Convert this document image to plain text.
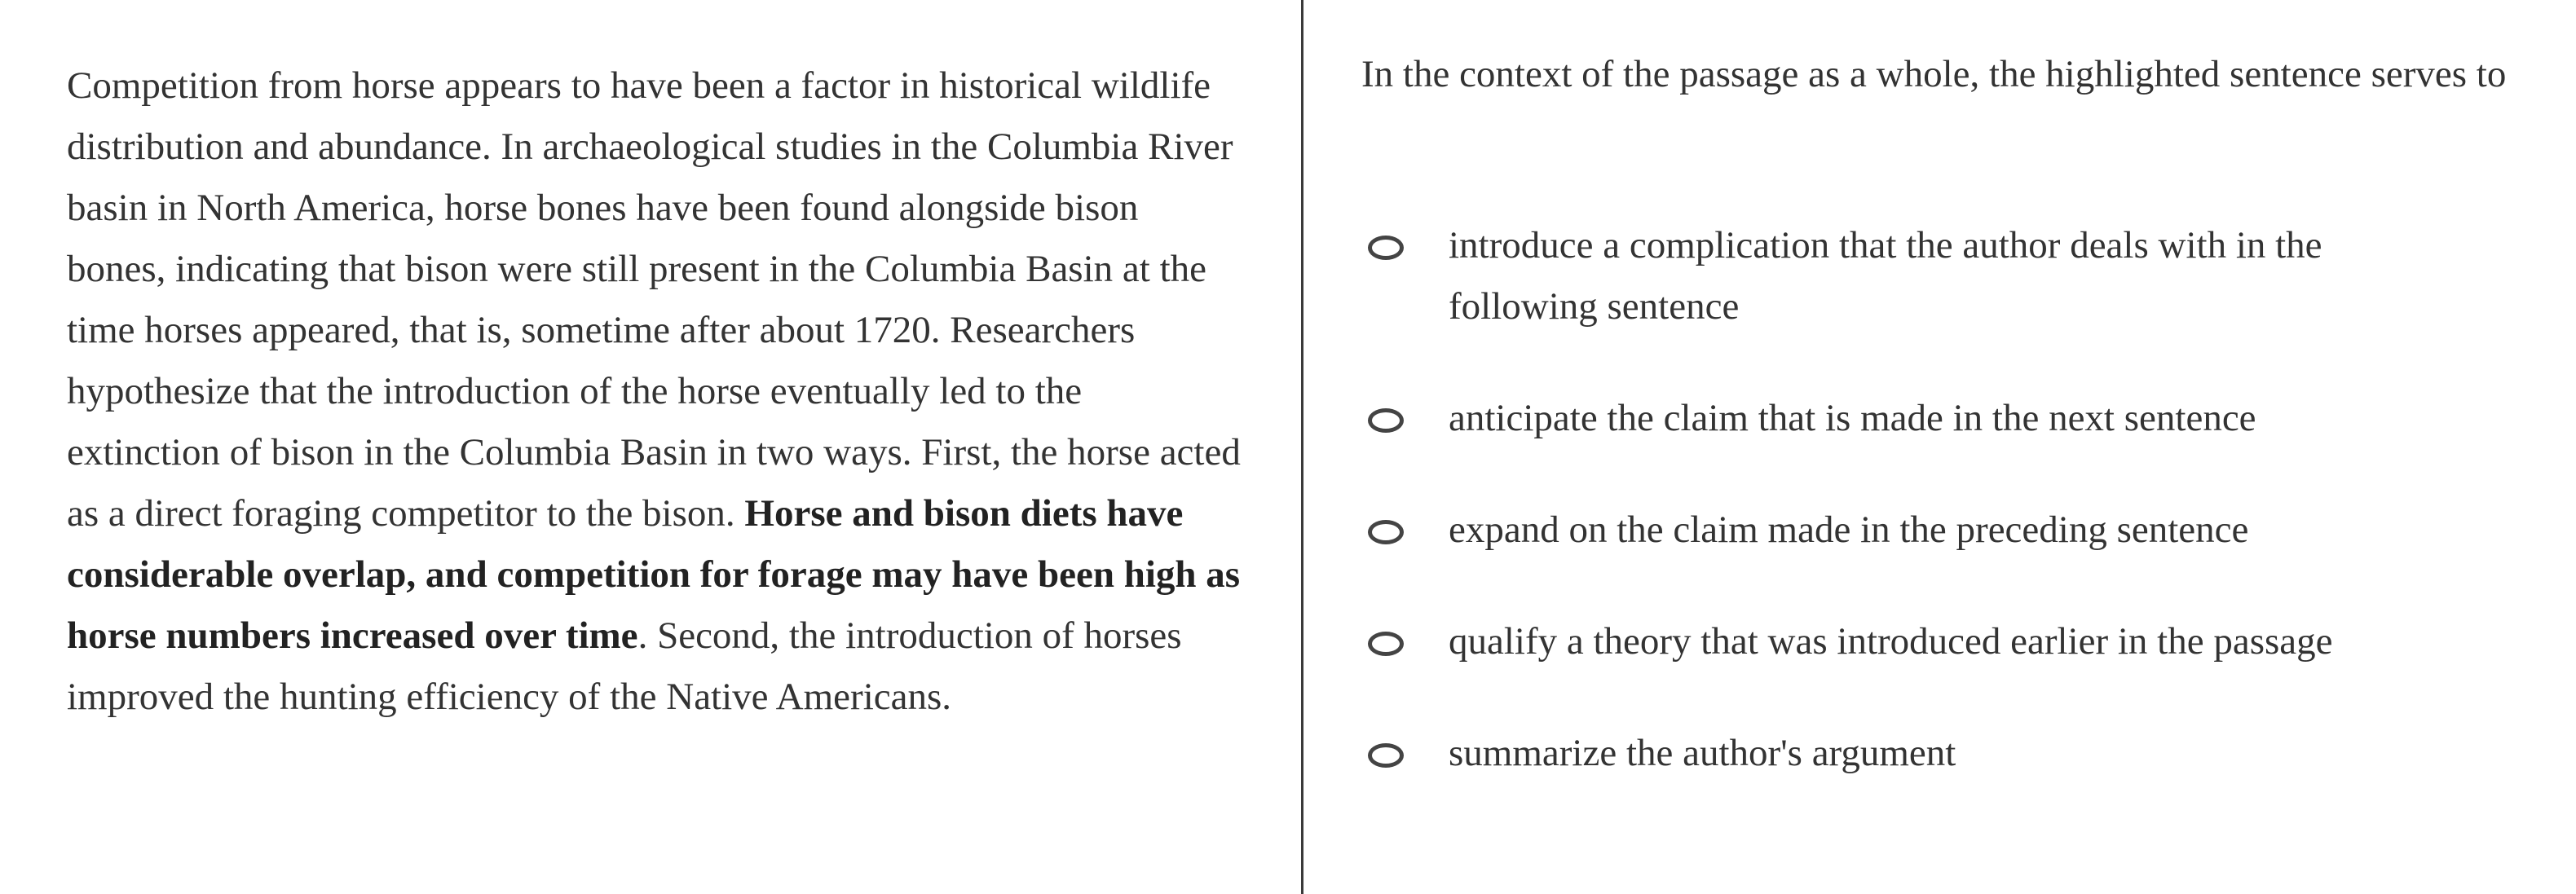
Competition from horse appears to have been a factor in historical wildlife distribution and abundance. In archaeological studies in the Columbia River basin in North America, horse bones have been found alongside bison bones, indicating that bison were still present in the Columbia Basin at the time horses appeared, that is, sometime after about 1720. Researchers hypothesize that the introduction of the horse eventually led to the extinction of bison in the Columbia Basin in two ways. First, the horse acted as a direct foraging competitor to the bison. Horse and bison diets have considerable overlap, and competition for forage may have been high as horse numbers increased over time. Second, the introduction of horses improved the hunting efficiency of the Native Americans.

In the context of the passage as a whole, the highlighted sentence serves to

introduce a complication that the author deals with in the following sentence
anticipate the claim that is made in the next sentence
expand on the claim made in the preceding sentence
qualify a theory that was introduced earlier in the passage
summarize the author's argument
